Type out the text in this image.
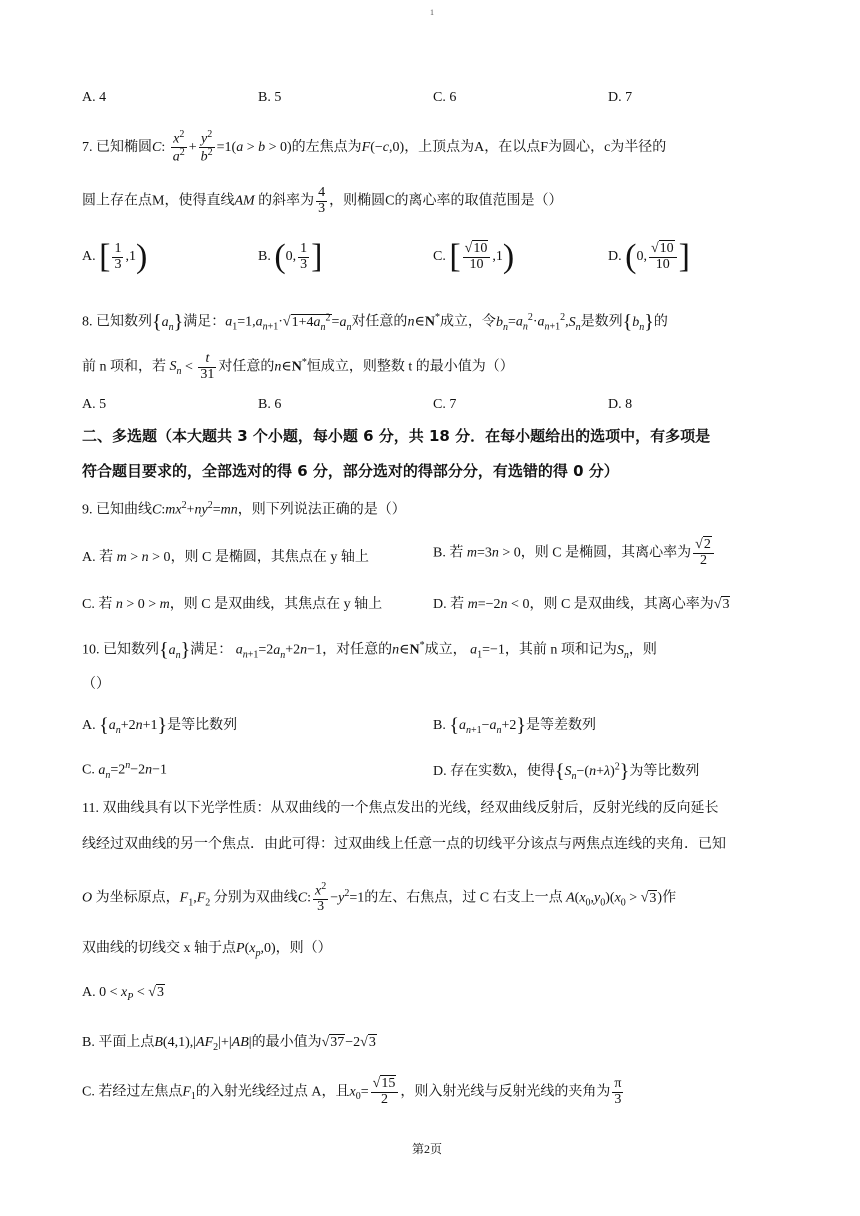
1
A. 4	B. 5	C. 6	D. 7
7. 已知椭圆C: $\frac{x^2}{a^2} + \frac{y^2}{b^2} =1(a > b > 0)$的左焦点为F(−c,0)，上顶点为A，在以点F为圆心，c为半径的
圆上存在点M，使得直线AM 的斜率为 $\frac{4}{3}$ ，则椭圆C的离心率的取值范围是（）
A. [ $\frac{1}{3} ,1$)	B. (0, $\frac{1}{3}$ ]	C. [ $\frac{√10}{10} ,1$)	D. (0, $\frac{√10}{10}$ ]
8. 已知数列$\{a_n\}$满足：$a_1=1,a_{n+1}\cdot√1+4a_n^2=a_n$对任意的n∈N*成立，令$b_n=a_n^2\cdot a_{n+1}^2,S_n$是数列$\{b_n\}$的
前 n 项和，若 $S_n < \frac{t}{31}$ 对任意的n∈N*恒成立，则整数 t 的最小值为（）
A. 5	B. 6	C. 7	D. 8
二、多选题（本大题共 3 个小题，每小题 6 分，共 18 分．在每小题给出的选项中，有多项是
符合题目要求的，全部选对的得 6 分，部分选对的得部分分，有选错的得 0 分）
9. 已知曲线$C:mx^2+ny^2=mn$，则下列说法正确的是（）
A. 若 m > n > 0，则 C 是椭圆，其焦点在 y 轴上	B. 若 m=3n > 0，则 C 是椭圆，其离心率为 $\frac{√2}{2}$
C. 若 n > 0 > m，则 C 是双曲线，其焦点在 y 轴上	D. 若 m=−2n < 0，则 C 是双曲线，其离心率为√3
10. 已知数列$\{a_n\}$满足： $a_{n+1}=2a_n+2n-1$，对任意的n∈N*成立， $a_1=-1$，其前 n 项和记为$S_n$，则
（）
A. $\{a_n+2n+1\}$是等比数列	B. $\{a_{n+1}-a_n+2\}$是等差数列
C. $a_n=2^n-2n-1$	D. 存在实数λ，使得$\{S_n-(n+\lambda)^2\}$为等比数列
11. 双曲线具有以下光学性质：从双曲线的一个焦点发出的光线，经双曲线反射后，反射光线的反向延长
线经过双曲线的另一个焦点．由此可得：过双曲线上任意一点的切线平分该点与两焦点连线的夹角．已知
O 为坐标原点，$F_1,F_2$ 分别为双曲线C: $\frac{x^2}{3} -y^2=1$的左、右焦点，过 C 右支上一点 $A(x_0,y_0)(x_0 > √3)$作
双曲线的切线交 x 轴于点$P(x_p,0)$，则（）
A. $0 < x_P < √3$
B. 平面上点$B(4,1),|AF_2|+|AB|$的最小值为√37−2√3
C. 若经过左焦点$F_1$的入射光线经过点 A，且$x_0= \frac{√15}{2}$ ，则入射光线与反射光线的夹角为 $\frac{\pi}{3}$
第2页
